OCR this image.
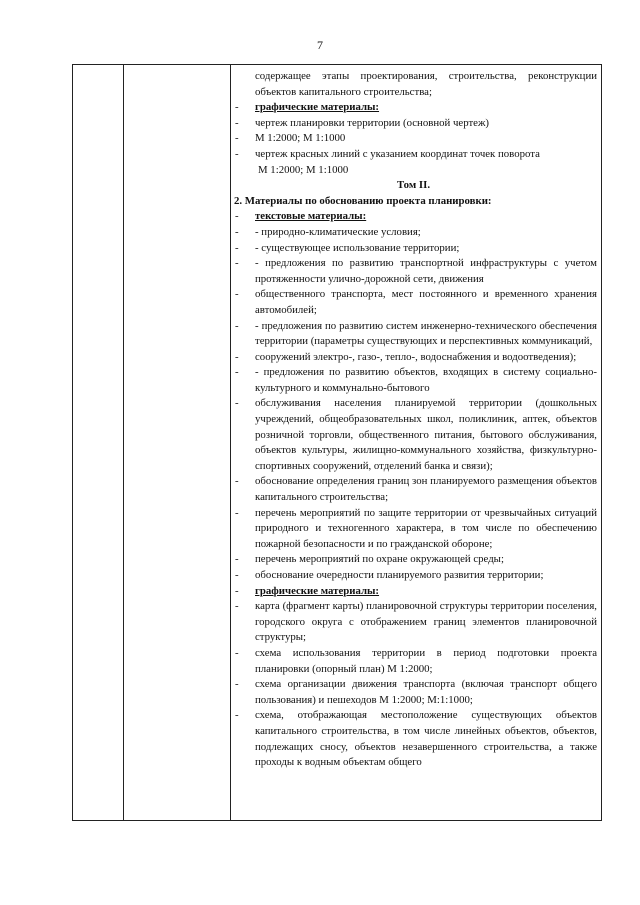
7
содержащее этапы проектирования, строительства, реконструкции объектов капитального строительства;
- графические материалы:
- чертеж планировки территории (основной чертеж)
- М 1:2000; М 1:1000
- чертеж красных линий с указанием координат точек поворота
М 1:2000; М 1:1000
Том II.
2. Материалы по обоснованию проекта планировки:
- текстовые материалы:
- - природно-климатические условия;
- - существующее использование территории;
- - предложения по развитию транспортной инфраструктуры с учетом протяженности улично-дорожной сети, движения
- общественного транспорта, мест постоянного и временного хранения автомобилей;
- - предложения по развитию систем инженерно-технического обеспечения территории (параметры существующих и перспективных коммуникаций,
- сооружений электро-, газо-, тепло-, водоснабжения и водоотведения);
- - предложения по развитию объектов, входящих в систему социально-культурного и коммунально-бытового
- обслуживания населения планируемой территории (дошкольных учреждений, общеобразовательных школ, поликлиник, аптек, объектов розничной торговли, общественного питания, бытового обслуживания, объектов культуры, жилищно-коммунального хозяйства, физкультурно-спортивных сооружений, отделений банка и связи);
- обоснование определения границ зон планируемого размещения объектов капитального строительства;
- перечень мероприятий по защите территории от чрезвычайных ситуаций природного и техногенного характера, в том числе по обеспечению пожарной безопасности и по гражданской обороне;
- перечень мероприятий по охране окружающей среды;
- обоснование очередности планируемого развития территории;
- графические материалы:
- карта (фрагмент карты) планировочной структуры территории поселения, городского округа с отображением границ элементов планировочной структуры;
- схема использования территории в период подготовки проекта планировки (опорный план) М 1:2000;
- схема организации движения транспорта (включая транспорт общего пользования) и пешеходов М 1:2000; М:1:1000;
- схема, отображающая местоположение существующих объектов капитального строительства, в том числе линейных объектов, объектов, подлежащих сносу, объектов незавершенного строительства, а также проходы к водным объектам общего
